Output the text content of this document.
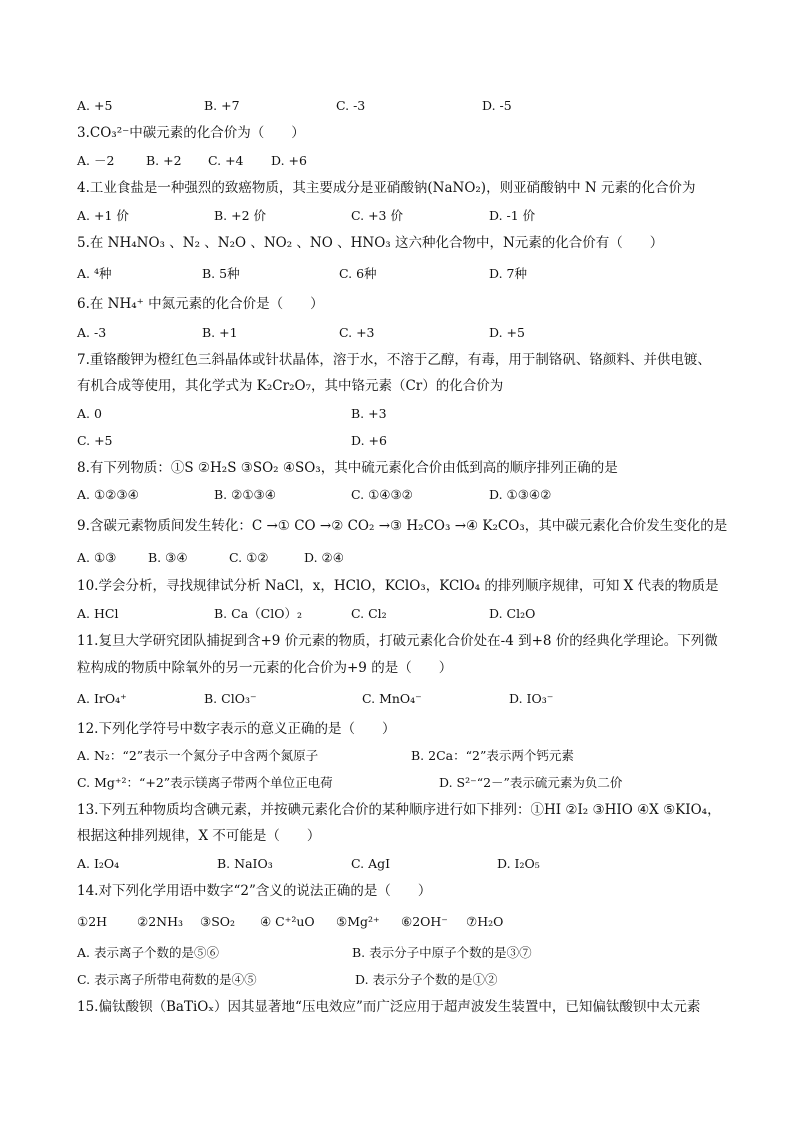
A. +5	B. +7	C. -3	D. -5
3.CO₃²⁻中碳元素的化合价为（　　）
A. －2	B. +2 C. +4 D. +6
4.工业食盐是一种强烈的致癌物质，其主要成分是亚硝酸钠(NaNO₂)，则亚硝酸钠中 N 元素的化合价为
A. +1 价	B. +2 价	C. +3 价	D. -1 价
5.在 NH₄NO₃ 、N₂ 、N₂O 、NO₂ 、NO 、HNO₃ 这六种化合物中，N元素的化合价有（　　）
A. ⁴种	B. 5种	C. 6种	D. 7种
6.在 NH₄⁺ 中氮元素的化合价是（　　）
A. -3	B. +1	C. +3	D. +5
7.重铬酸钾为橙红色三斜晶体或针状晶体，溶于水，不溶于乙醇，有毒，用于制铬矾、铬颜料、并供电镀、
有机合成等使用，其化学式为 K₂Cr₂O₇，其中铬元素（Cr）的化合价为
A. 0	B. +3
C. +5	D. +6
8.有下列物质：①S ②H₂S ③SO₂ ④SO₃，其中硫元素化合价由低到高的顺序排列正确的是
A. ①②③④	B. ②①③④	C. ①④③②	D. ①③④②
9.含碳元素物质间发生转化：C →① CO →② CO₂ →③ H₂CO₃ →④ K₂CO₃，其中碳元素化合价发生变化的是
A. ①③	B. ③④	C. ①②	D. ②④
10.学会分析，寻找规律试分析 NaCl，x，HClO，KClO₃，KClO₄ 的排列顺序规律，可知 X 代表的物质是
A. HCl	B. Ca（ClO）₂	C. Cl₂	D. Cl₂O
11.复旦大学研究团队捕捉到含+9 价元素的物质，打破元素化合价处在-4 到+8 价的经典化学理论。下列微
粒构成的物质中除氧外的另一元素的化合价为+9 的是（　　）
A. IrO₄⁺	B. ClO₃⁻	C. MnO₄⁻	D. IO₃⁻
12.下列化学符号中数字表示的意义正确的是（　　）
A. N₂：“2”表示一个氮分子中含两个氮原子	B. 2Ca：“2”表示两个钙元素
C. Mg⁺²：“+2”表示镁离子带两个单位正电荷	D. S²⁻“2－”表示硫元素为负二价
13.下列五种物质均含碘元素，并按碘元素化合价的某种顺序进行如下排列：①HI ②I₂ ③HIO ④X ⑤KIO₄，
根据这种排列规律，X 不可能是（　　）
A. I₂O₄	B. NaIO₃	C. AgI	D. I₂O₅
14.对下列化学用语中数字“2”含义的说法正确的是（　　）
①2H ②2NH₃ ③SO₂ ④ C⁺²uO ⑤Mg²⁺ ⑥2OH⁻ ⑦H₂O
A. 表示离子个数的是⑤⑥	B. 表示分子中原子个数的是③⑦
C. 表示离子所带电荷数的是④⑤	D. 表示分子个数的是①②
15.偏钛酸钡（BaTiOₓ）因其显著地“压电效应”而广泛应用于超声波发生装置中，已知偏钛酸钡中太元素
